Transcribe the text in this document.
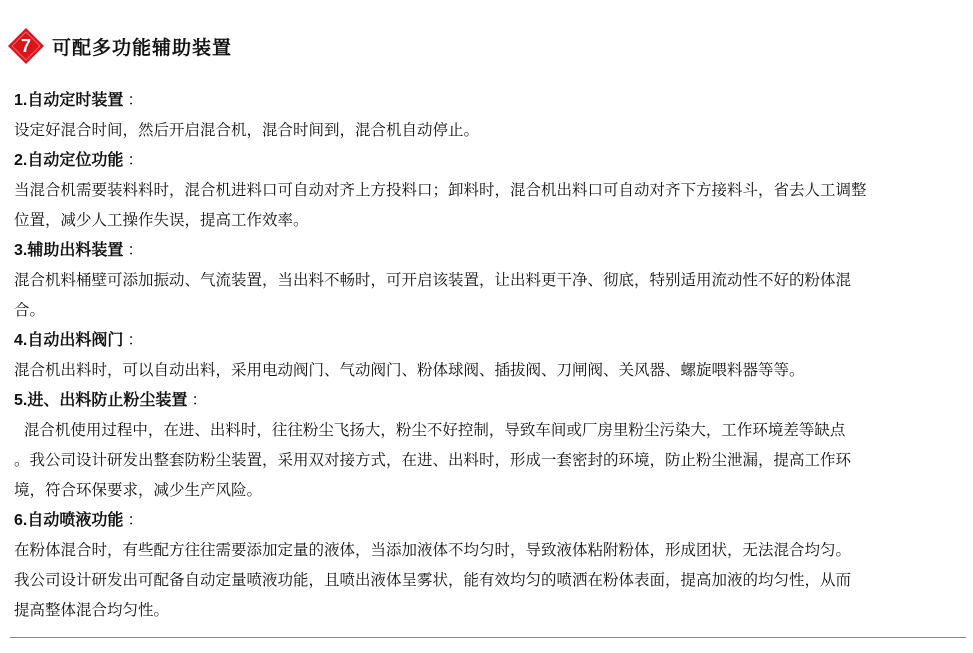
7	可配多功能辅助装置
1.自动定时装置 ：

设定好混合时间，然后开启混合机，混合时间到，混合机自动停止。

2.自动定位功能 ：

当混合机需要装料料时，混合机进料口可自动对齐上方投料口；卸料时，混合机出料口可自动对齐下方接料斗，省去人工调整

位置，减少人工操作失误，提高工作效率。

3.辅助出料装置 ：

混合机料桶壁可添加振动、气流装置，当出料不畅时，可开启该装置，让出料更干净、彻底，特别适用流动性不好的粉体混

合。

4.自动出料阀门 ：

混合机出料时，可以自动出料，采用电动阀门、气动阀门、粉体球阀、插拔阀、刀闸阀、关风器、螺旋喂料器等等。

5.进、出料防止粉尘装置 ：

混合机使用过程中，在进、出料时，往往粉尘飞扬大，粉尘不好控制，导致车间或厂房里粉尘污染大，工作环境差等缺点

。我公司设计研发出整套防粉尘装置，采用双对接方式，在进、出料时，形成一套密封的环境，防止粉尘泄漏，提高工作环

境，符合环保要求，减少生产风险。

6.自动喷液功能 ：

在粉体混合时，有些配方往往需要添加定量的液体，当添加液体不均匀时，导致液体粘附粉体，形成团状，无法混合均匀。

我公司设计研发出可配备自动定量喷液功能，且喷出液体呈雾状，能有效均匀的喷洒在粉体表面，提高加液的均匀性，从而

提高整体混合均匀性。
